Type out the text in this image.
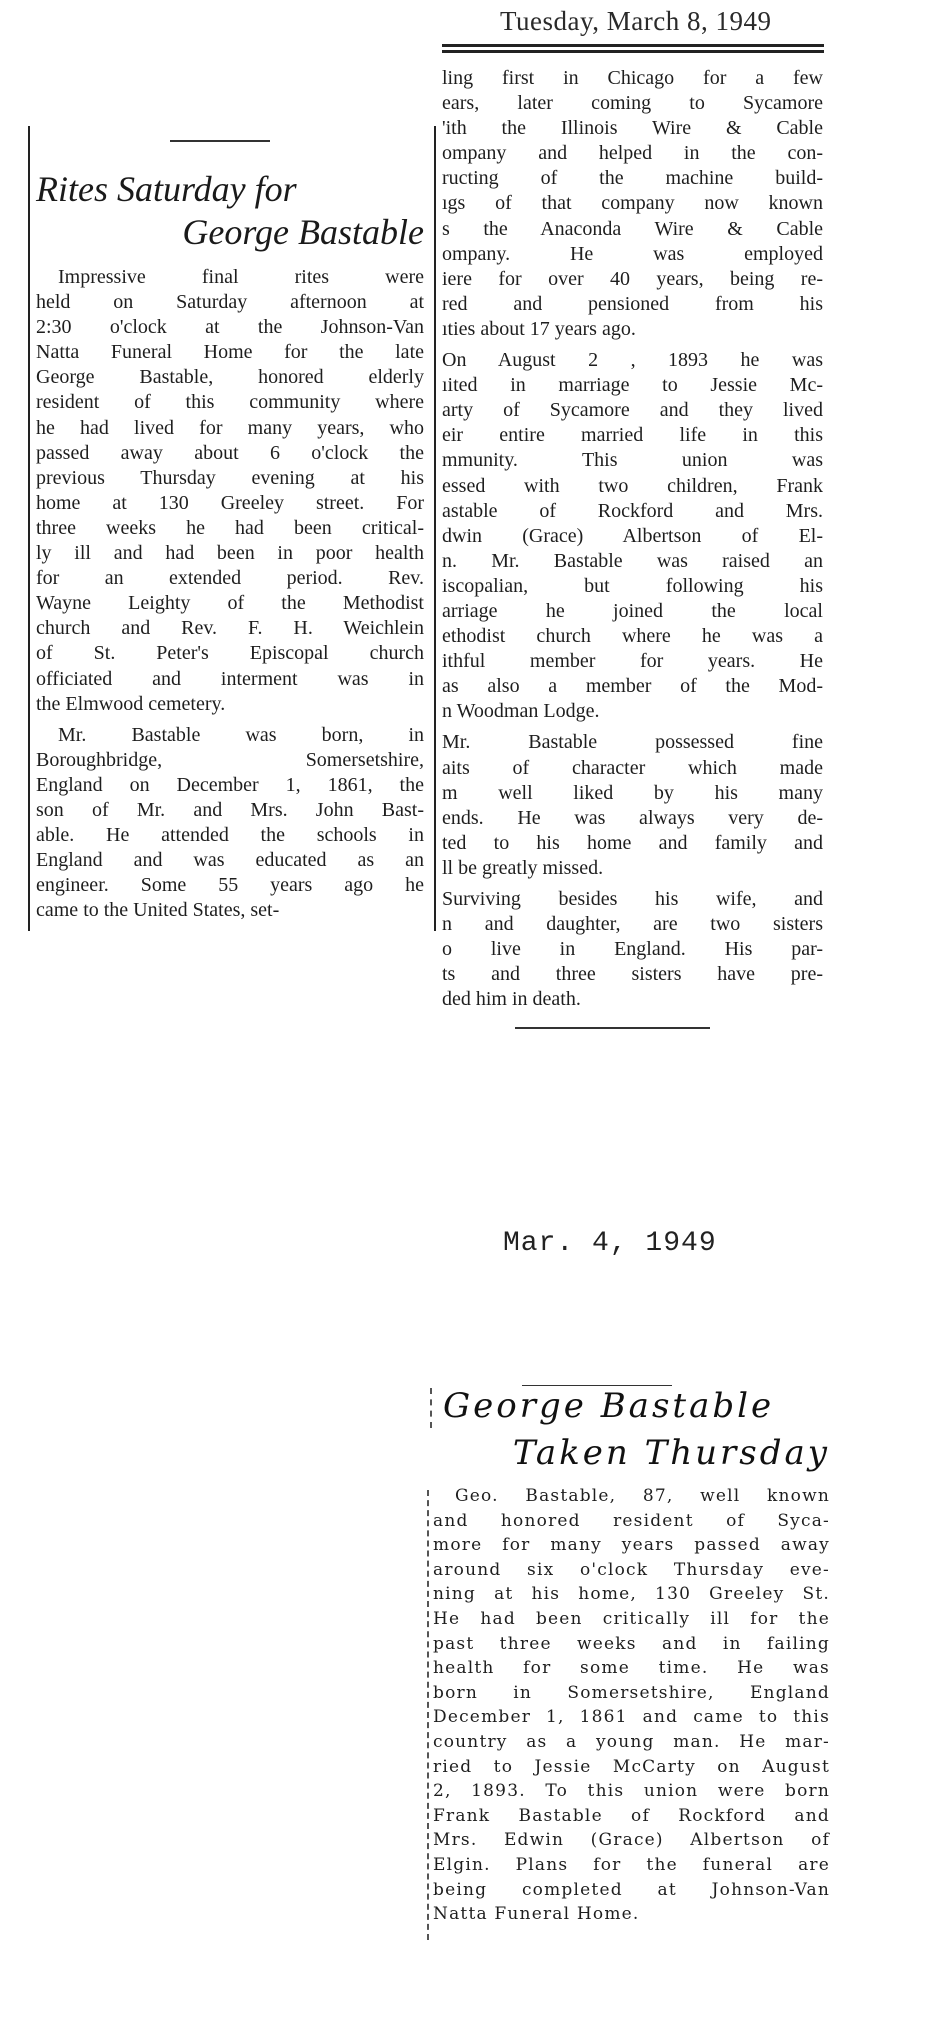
Tuesday, March 8, 1949
Rites Saturday for
George Bastable
Impressive final rites were
held on Saturday afternoon at
2:30 o'clock at the Johnson-Van
Natta Funeral Home for the late
George Bastable, honored elderly
resident of this community where
he had lived for many years, who
passed away about 6 o'clock the
previous Thursday evening at his
home at 130 Greeley street. For
three weeks he had been critical-
ly ill and had been in poor health
for an extended period. Rev.
Wayne Leighty of the Methodist
church and Rev. F. H. Weichlein
of St. Peter's Episcopal church
officiated and interment was in
the Elmwood cemetery.
Mr. Bastable was born, in
Boroughbridge, Somersetshire,
England on December 1, 1861, the
son of Mr. and Mrs. John Bast-
able. He attended the schools in
England and was educated as an
engineer. Some 55 years ago he
came to the United States, set-
ling first in Chicago for a few
ears, later coming to Sycamore
'ith the Illinois Wire & Cable
ompany and helped in the con-
ructing of the machine build-
ıgs of that company now known
s the Anaconda Wire & Cable
ompany. He was employed
iere for over 40 years, being re-
red and pensioned from his
ıties about 17 years ago.
On August 2 , 1893 he was
ıited in marriage to Jessie Mc-
arty of Sycamore and they lived
eir entire married life in this
mmunity. This union was
essed with two children, Frank
astable of Rockford and Mrs.
dwin (Grace) Albertson of El-
n. Mr. Bastable was raised an
iscopalian, but following his
arriage he joined the local
ethodist church where he was a
ithful member for years. He
as also a member of the Mod-
n Woodman Lodge.
Mr. Bastable possessed fine
aits of character which made
m well liked by his many
ends. He was always very de-
ted to his home and family and
ll be greatly missed.
Surviving besides his wife, and
n and daughter, are two sisters
o live in England. His par-
ts and three sisters have pre-
ded him in death.
Mar. 4, 1949
George Bastable
Taken Thursday
Geo. Bastable, 87, well known
and honored resident of Syca-
more for many years passed away
around six o'clock Thursday eve-
ning at his home, 130 Greeley St.
He had been critically ill for the
past three weeks and in failing
health for some time. He was
born in Somersetshire, England
December 1, 1861 and came to this
country as a young man. He mar-
ried to Jessie McCarty on August
2, 1893. To this union were born
Frank Bastable of Rockford and
Mrs. Edwin (Grace) Albertson of
Elgin. Plans for the funeral are
being completed at Johnson-Van
Natta Funeral Home.
